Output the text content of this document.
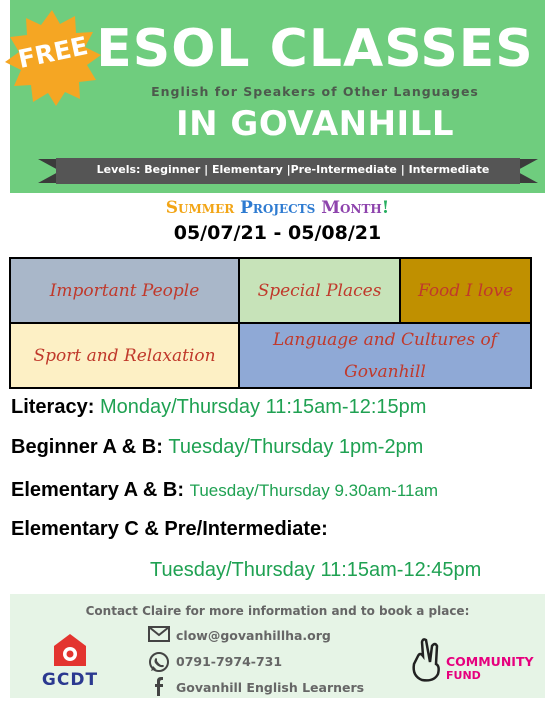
ESOL CLASSES
English for Speakers of Other Languages
IN GOVANHILL
Levels: Beginner | Elementary |Pre-Intermediate | Intermediate
FREE
Summer Projects Month!
05/07/21 - 05/08/21
Important People	Special Places	Food I love
Sport and Relaxation
Language and Cultures of Govanhill
Literacy: Monday/Thursday 11:15am-12:15pm
Beginner A & B: Tuesday/Thursday 1pm-2pm
Elementary A & B: Tuesday/Thursday 9.30am-11am
Elementary C & Pre/Intermediate:
Tuesday/Thursday 11:15am-12:45pm
Contact Claire for more information and to book a place:
clow@govanhillha.org
0791-7974-731
Govanhill English Learners
GCDT
COMMUNITY
FUND
